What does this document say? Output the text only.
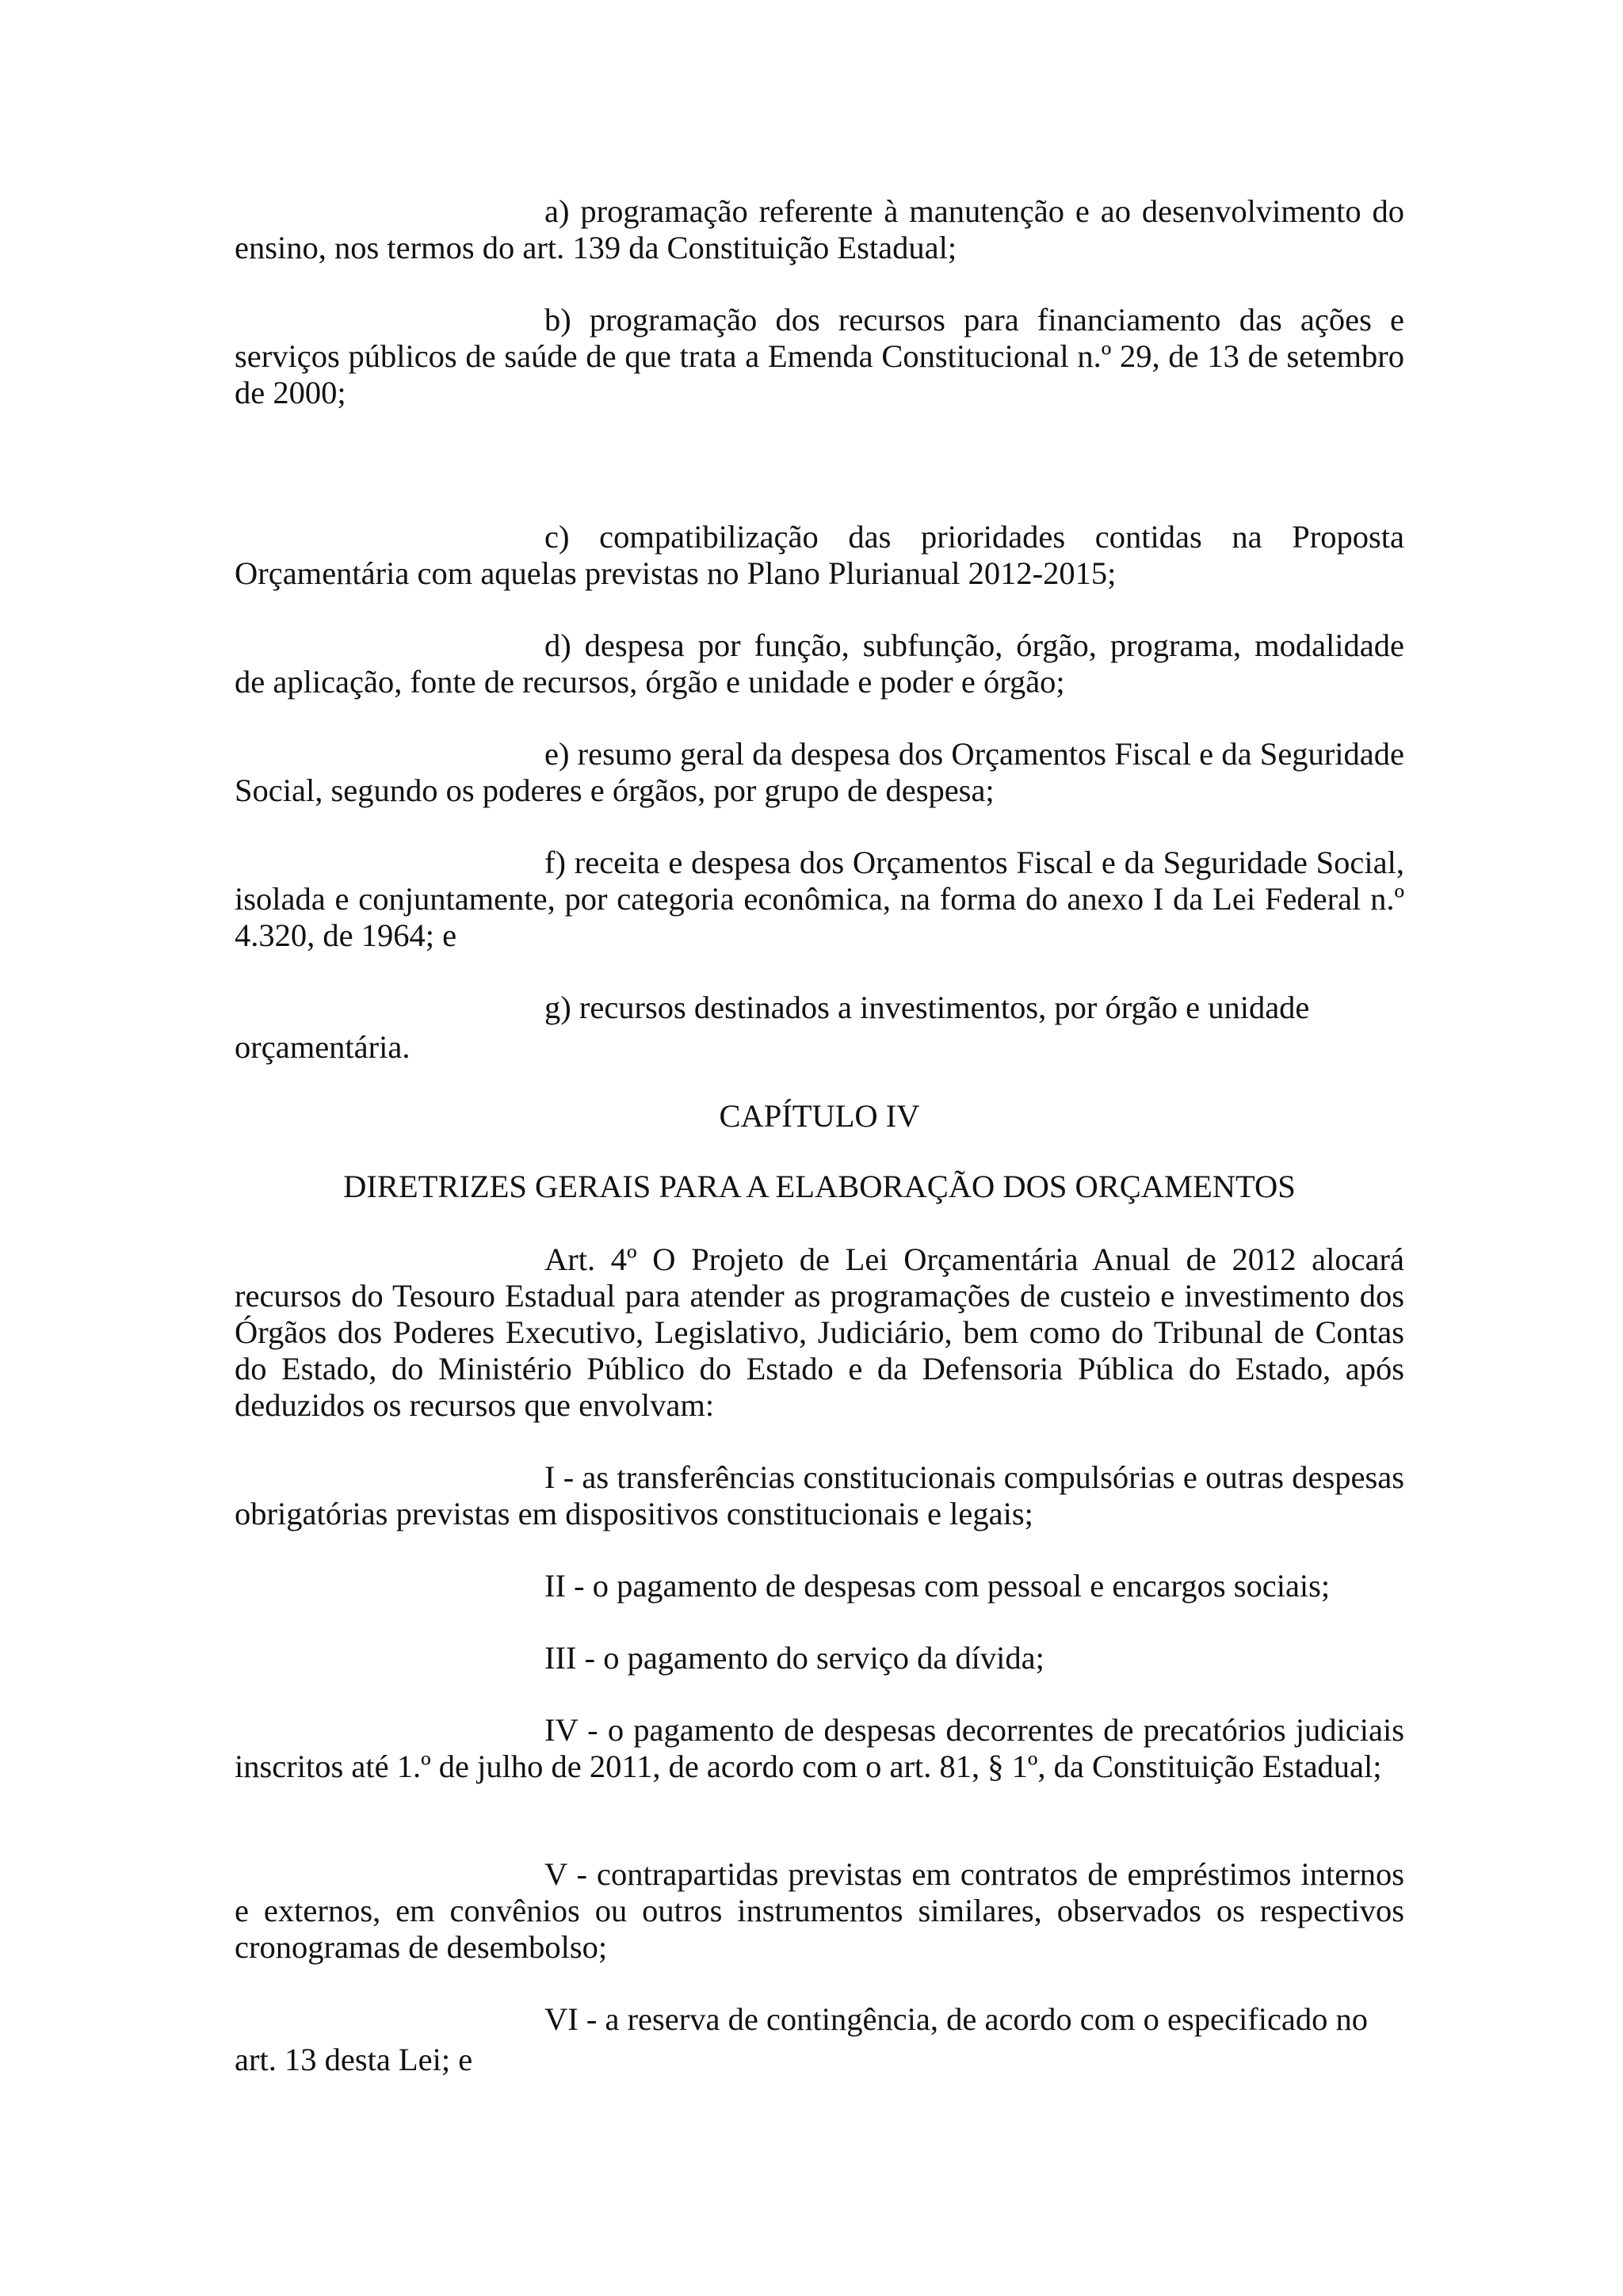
a) programação referente à manutenção e ao desenvolvimento do ensino, nos termos do art. 139 da Constituição Estadual;

b) programação dos recursos para financiamento das ações e serviços públicos de saúde de que trata a Emenda Constitucional n.º 29, de 13 de setembro de 2000;

c) compatibilização das prioridades contidas na Proposta Orçamentária com aquelas previstas no Plano Plurianual 2012-2015;

d) despesa por função, subfunção, órgão, programa, modalidade de aplicação, fonte de recursos, órgão e unidade e poder e órgão;

e) resumo geral da despesa dos Orçamentos Fiscal e da Seguridade Social, segundo os poderes e órgãos, por grupo de despesa;

f) receita e despesa dos Orçamentos Fiscal e da Seguridade Social, isolada e conjuntamente, por categoria econômica, na forma do anexo I da Lei Federal n.º 4.320, de 1964; e

g) recursos destinados a investimentos, por órgão e unidade

orçamentária.

CAPÍTULO IV
DIRETRIZES GERAIS PARA A ELABORAÇÃO DOS ORÇAMENTOS

Art. 4º O Projeto de Lei Orçamentária Anual de 2012 alocará recursos do Tesouro Estadual para atender as programações de custeio e investimento dos Órgãos dos Poderes Executivo, Legislativo, Judiciário, bem como do Tribunal de Contas do Estado, do Ministério Público do Estado e da Defensoria Pública do Estado, após deduzidos os recursos que envolvam:

I - as transferências constitucionais compulsórias e outras despesas obrigatórias previstas em dispositivos constitucionais e legais;

II - o pagamento de despesas com pessoal e encargos sociais;

III - o pagamento do serviço da dívida;

IV - o pagamento de despesas decorrentes de precatórios judiciais inscritos até 1.º de julho de 2011, de acordo com o art. 81, § 1º, da Constituição Estadual;

V - contrapartidas previstas em contratos de empréstimos internos e externos, em convênios ou outros instrumentos similares, observados os respectivos cronogramas de desembolso;

VI - a reserva de contingência, de acordo com o especificado no

art. 13 desta Lei; e
